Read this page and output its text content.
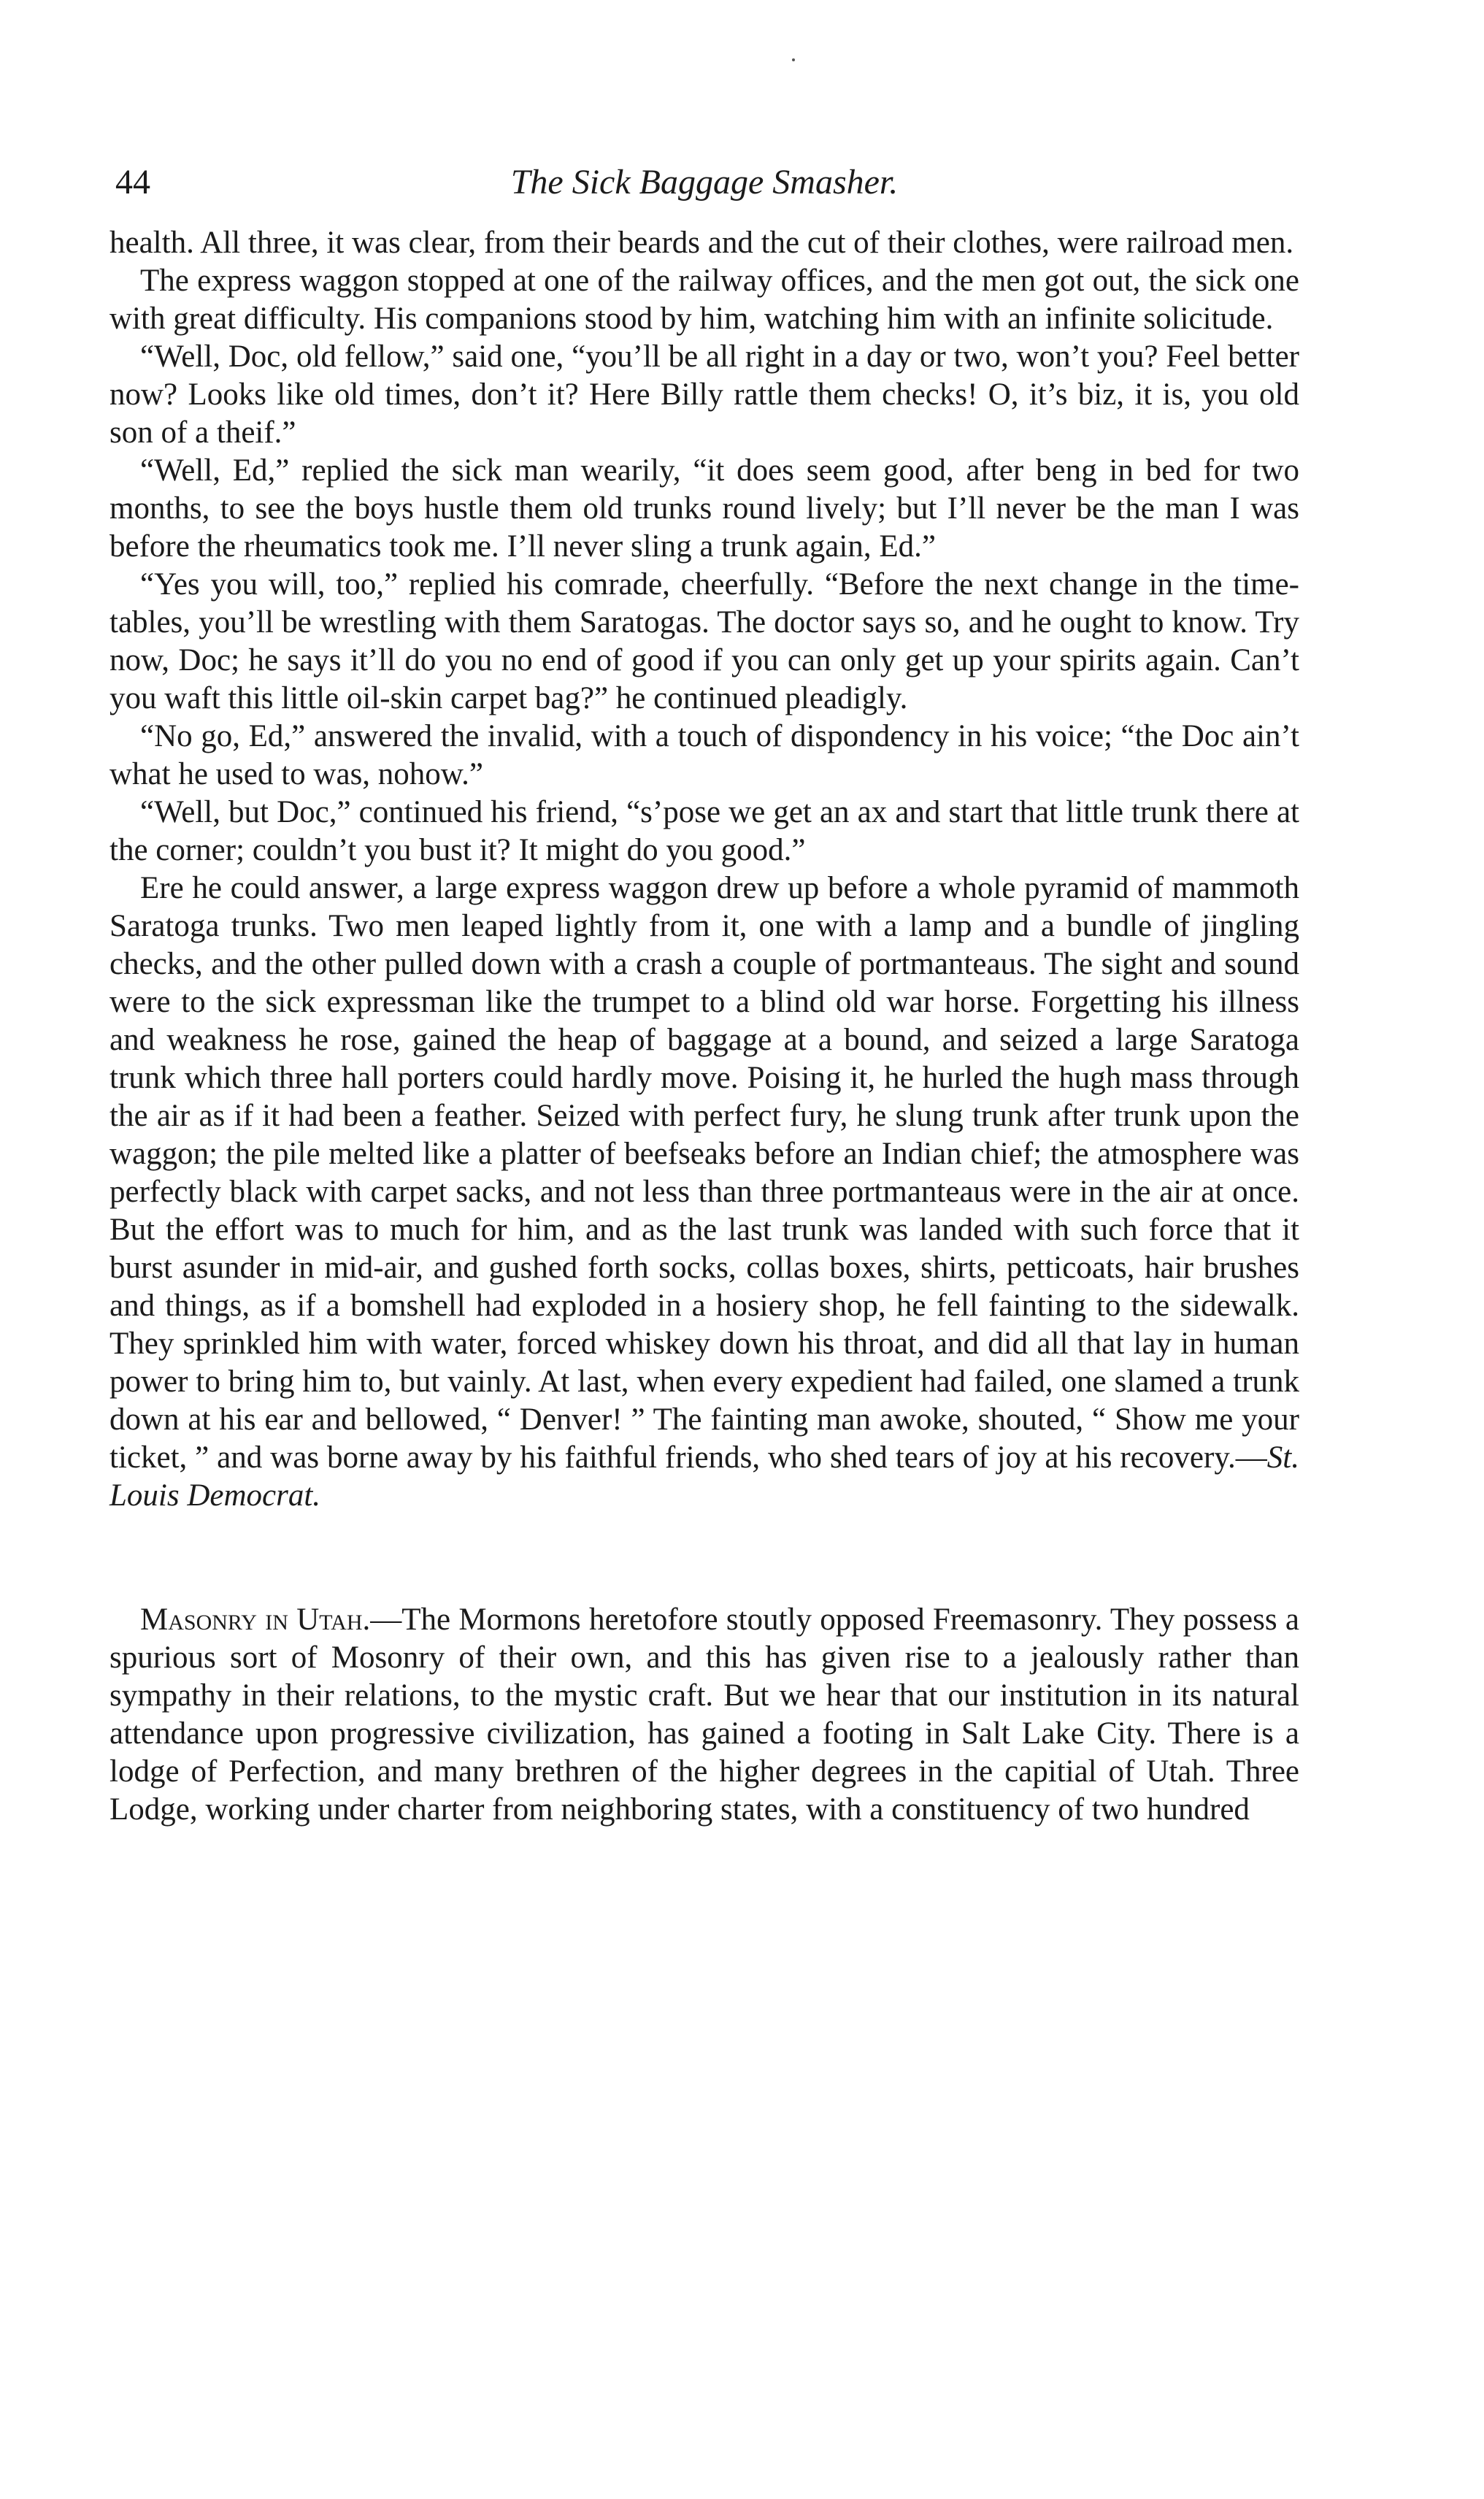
44	The Sick Baggage Smasher.

health. All three, it was clear, from their beards and the cut of their clothes, were railroad men.

The express waggon stopped at one of the railway offices, and the men got out, the sick one with great difficulty. His companions stood by him, watching him with an infinite solicitude.

“Well, Doc, old fellow,” said one, “you’ll be all right in a day or two, won’t you? Feel better now? Looks like old times, don’t it? Here Billy rattle them checks! O, it’s biz, it is, you old son of a theif.”

“Well, Ed,” replied the sick man wearily, “it does seem good, after beng in bed for two months, to see the boys hustle them old trunks round lively; but I’ll never be the man I was before the rheumatics took me. I’ll never sling a trunk again, Ed.”

“Yes you will, too,” replied his comrade, cheerfully. “Before the next change in the time-tables, you’ll be wrestling with them Saratogas. The doctor says so, and he ought to know. Try now, Doc; he says it’ll do you no end of good if you can only get up your spirits again. Can’t you waft this little oil-skin carpet bag?” he continued pleadigly.

“No go, Ed,” answered the invalid, with a touch of dispondency in his voice; “the Doc ain’t what he used to was, nohow.”

“Well, but Doc,” continued his friend, “s’pose we get an ax and start that little trunk there at the corner; couldn’t you bust it? It might do you good.”

Ere he could answer, a large express waggon drew up before a whole pyramid of mammoth Saratoga trunks. Two men leaped lightly from it, one with a lamp and a bundle of jingling checks, and the other pulled down with a crash a couple of portmanteaus. The sight and sound were to the sick expressman like the trumpet to a blind old war horse. Forgetting his illness and weakness he rose, gained the heap of baggage at a bound, and seized a large Saratoga trunk which three hall porters could hardly move. Poising it, he hurled the hugh mass through the air as if it had been a feather. Seized with perfect fury, he slung trunk after trunk upon the waggon; the pile melted like a platter of beefseaks before an Indian chief; the atmosphere was perfectly black with carpet sacks, and not less than three portmanteaus were in the air at once. But the effort was to much for him, and as the last trunk was landed with such force that it burst asunder in mid-air, and gushed forth socks, collas boxes, shirts, petticoats, hair brushes and things, as if a bomshell had exploded in a hosiery shop, he fell fainting to the sidewalk. They sprinkled him with water, forced whiskey down his throat, and did all that lay in human power to bring him to, but vainly. At last, when every expedient had failed, one slamed a trunk down at his ear and bellowed, “ Denver! ” The fainting man awoke, shouted, “ Show me your ticket, ” and was borne away by his faithful friends, who shed tears of joy at his recovery.—St. Louis Democrat.

Masonry in Utah.—The Mormons heretofore stoutly opposed Freemasonry. They possess a spurious sort of Mosonry of their own, and this has given rise to a jealously rather than sympathy in their relations, to the mystic craft. But we hear that our institution in its natural attendance upon progressive civilization, has gained a footing in Salt Lake City. There is a lodge of Perfection, and many brethren of the higher degrees in the capitial of Utah. Three Lodge, working under charter from neighboring states, with a constituency of two hundred
